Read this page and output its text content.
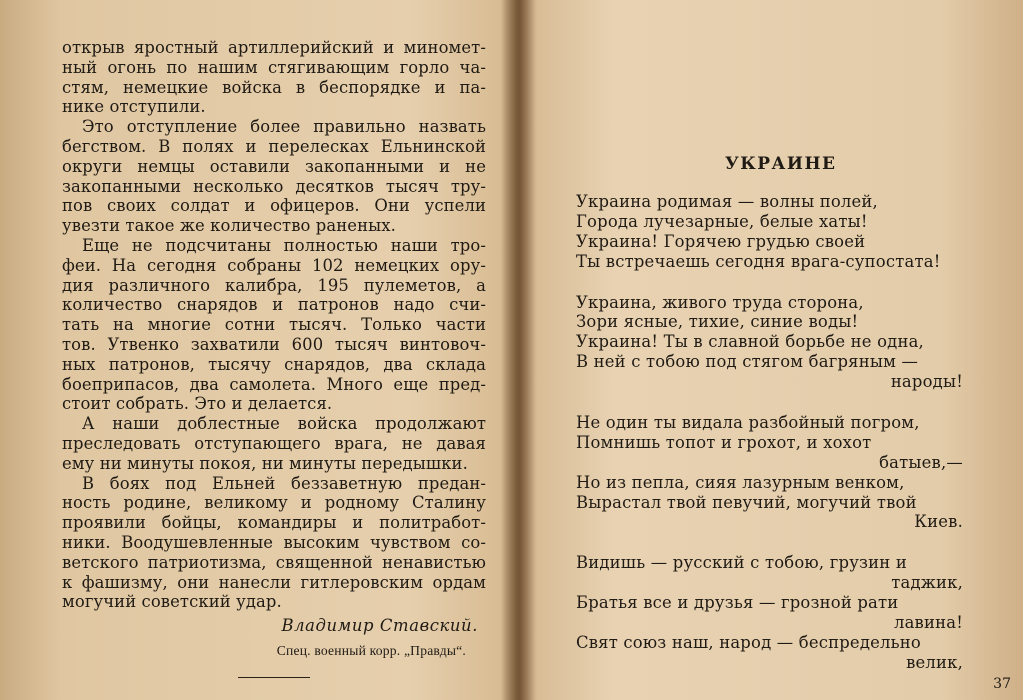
открыв яростный артиллерийский и миномет-
ный огонь по нашим стягивающим горло ча-
стям, немецкие войска в беспорядке и па-
нике отступили.
Это отступление более правильно назвать
бегством. В полях и перелесках Ельнинской
округи немцы оставили закопанными и не
закопанными несколько десятков тысяч тру-
пов своих солдат и офицеров. Они успели
увезти такое же количество раненых.
Еще не подсчитаны полностью наши тро-
феи. На сегодня собраны 102 немецких ору-
дия различного калибра, 195 пулеметов, а
количество снарядов и патронов надо счи-
тать на многие сотни тысяч. Только части
тов. Утвенко захватили 600 тысяч винтовоч-
ных патронов, тысячу снарядов, два склада
боеприпасов, два самолета. Много еще пред-
стоит собрать. Это и делается.
А наши доблестные войска продолжают
преследовать отступающего врага, не давая
ему ни минуты покоя, ни минуты передышки.
В боях под Ельней беззаветную предан-
ность родине, великому и родному Сталину
проявили бойцы, командиры и политработ-
ники. Воодушевленные высоким чувством со-
ветского патриотизма, священной ненавистью
к фашизму, они нанесли гитлеровским ордам
могучий советский удар.
Владимир Ставский.
Спец. военный корр. „Правды“.
УКРАИНЕ
Украина родимая — волны полей,
Города лучезарные, белые хаты!
Украина! Горячею грудью своей
Ты встречаешь сегодня врага-супостата!
Украина, живого труда сторона,
Зори ясные, тихие, синие воды!
Украина! Ты в славной борьбе не одна,
В ней с тобою под стягом багряным —
народы!
Не один ты видала разбойный погром,
Помнишь топот и грохот, и хохот
батыев,—
Но из пепла, сияя лазурным венком,
Вырастал твой певучий, могучий твой
Киев.
Видишь — русский с тобою, грузин и
таджик,
Братья все и друзья — грозной рати
лавина!
Свят союз наш, народ — беспредельно
велик,
37
